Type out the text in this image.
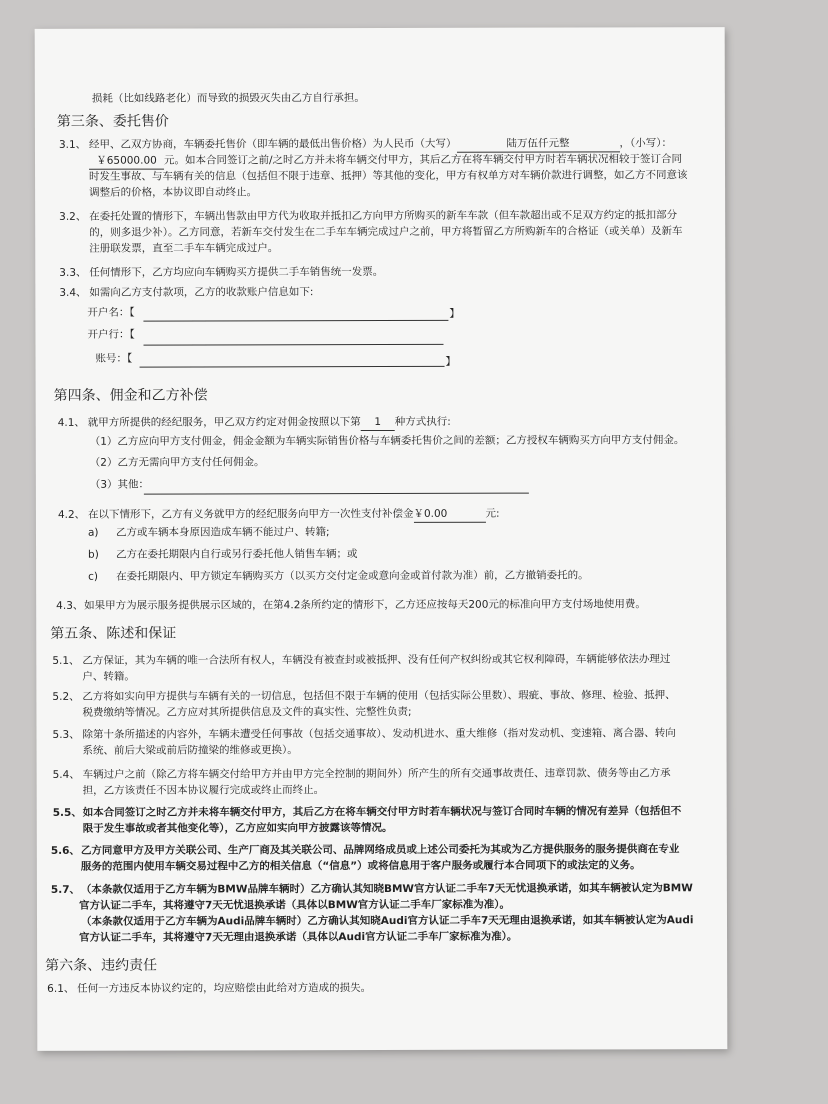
损耗（比如线路老化）而导致的损毁灭失由乙方自行承担。
第三条、委托售价
3.1、 经甲、乙双方协商，车辆委托售价（即车辆的最低出售价格）为人民币（大写）	陆万伍仟元整	，（小写）：
￥65000.00 元。如本合同签订之前/之时乙方并未将车辆交付甲方，其后乙方在将车辆交付甲方时若车辆状况相较于签订合同
时发生事故、与车辆有关的信息（包括但不限于违章、抵押）等其他的变化，甲方有权单方对车辆价款进行调整，如乙方不同意该
调整后的价格，本协议即自动终止。
3.2、 在委托处置的情形下，车辆出售款由甲方代为收取并抵扣乙方向甲方所购买的新车车款（但车款超出或不足双方约定的抵扣部分
的，则多退少补）。乙方同意，若新车交付发生在二手车车辆完成过户之前，甲方将暂留乙方所购新车的合格证（或关单）及新车
注册联发票，直至二手车车辆完成过户。
3.3、 任何情形下，乙方均应向车辆购买方提供二手车销售统一发票。
3.4、 如需向乙方支付款项，乙方的收款账户信息如下:
开户名：【	】
开户行：【
账号：【	】
第四条、佣金和乙方补偿
4.1、 就甲方所提供的经纪服务，甲乙双方约定对佣金按照以下第 1 种方式执行:
（1）乙方应向甲方支付佣金，佣金金额为车辆实际销售价格与车辆委托售价之间的差额；乙方授权车辆购买方向甲方支付佣金。
（2）乙方无需向甲方支付任何佣金。
（3）其他：
4.2、 在以下情形下，乙方有义务就甲方的经纪服务向甲方一次性支付补偿金￥0.00	元:
a) 乙方或车辆本身原因造成车辆不能过户、转籍;
b) 乙方在委托期限内自行或另行委托他人销售车辆；或
c) 在委托期限内、甲方锁定车辆购买方（以买方交付定金或意向金或首付款为准）前，乙方撤销委托的。
4.3、 如果甲方为展示服务提供展示区域的，在第4.2条所约定的情形下，乙方还应按每天200元的标准向甲方支付场地使用费。
第五条、陈述和保证
5.1、 乙方保证，其为车辆的唯一合法所有权人，车辆没有被查封或被抵押、没有任何产权纠纷或其它权利障碍，车辆能够依法办理过
户、转籍。
5.2、 乙方将如实向甲方提供与车辆有关的一切信息，包括但不限于车辆的使用（包括实际公里数）、瑕疵、事故、修理、检验、抵押、
税费缴纳等情况。乙方应对其所提供信息及文件的真实性、完整性负责;
5.3、 除第十条所描述的内容外，车辆未遭受任何事故（包括交通事故）、发动机进水、重大维修（指对发动机、变速箱、离合器、转向
系统、前后大梁或前后防撞梁的维修或更换）。
5.4、 车辆过户之前（除乙方将车辆交付给甲方并由甲方完全控制的期间外）所产生的所有交通事故责任、违章罚款、债务等由乙方承
担，乙方该责任不因本协议履行完成或终止而终止。
5.5、 如本合同签订之时乙方并未将车辆交付甲方，其后乙方在将车辆交付甲方时若车辆状况与签订合同时车辆的情况有差异（包括但不
限于发生事故或者其他变化等），乙方应如实向甲方披露该等情况。
5.6、 乙方同意甲方及甲方关联公司、生产厂商及其关联公司、品牌网络成员或上述公司委托为其或为乙方提供服务的服务提供商在专业
服务的范围内使用车辆交易过程中乙方的相关信息（“信息”）或将信息用于客户服务或履行本合同项下的或法定的义务。
5.7、 （本条款仅适用于乙方车辆为BMW品牌车辆时）乙方确认其知晓BMW官方认证二手车7天无忧退换承诺，如其车辆被认定为BMW
官方认证二手车，其将遵守7天无忧退换承诺（具体以BMW官方认证二手车厂家标准为准）。
（本条款仅适用于乙方车辆为Audi品牌车辆时）乙方确认其知晓Audi官方认证二手车7天无理由退换承诺，如其车辆被认定为Audi
官方认证二手车，其将遵守7天无理由退换承诺（具体以Audi官方认证二手车厂家标准为准）。
第六条、违约责任
6.1、 任何一方违反本协议约定的，均应赔偿由此给对方造成的损失。
